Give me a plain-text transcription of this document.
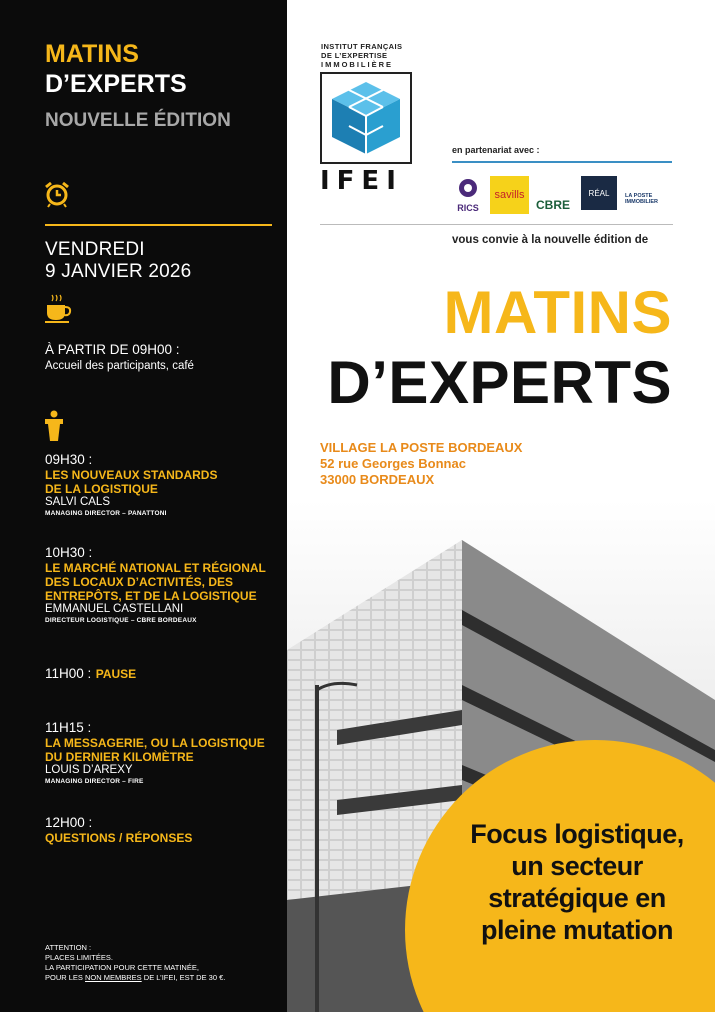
MATINS
D’EXPERTS
NOUVELLE ÉDITION
VENDREDI
9 JANVIER 2026
À PARTIR DE 09H00 :
Accueil des participants, café
09H30 :
LES NOUVEAUX STANDARDS
DE LA LOGISTIQUE
SALVI CALS
MANAGING DIRECTOR – PANATTONI
10H30 :
LE MARCHÉ NATIONAL ET RÉGIONAL
DES LOCAUX D’ACTIVITÉS, DES
ENTREPÔTS, ET DE LA LOGISTIQUE
EMMANUEL CASTELLANI
DIRECTEUR LOGISTIQUE – CBRE BORDEAUX
11H00 : PAUSE
11H15 :
LA MESSAGERIE, OU LA LOGISTIQUE
DU DERNIER KILOMÈTRE
LOUIS D’AREXY
MANAGING DIRECTOR – FIRE
12H00 :
QUESTIONS / RÉPONSES
ATTENTION :
PLACES LIMITÉES.
LA PARTICIPATION POUR CETTE MATINÉE,
POUR LES NON MEMBRES DE L’IFEI, EST DE 30 €.
Focus logistique,
un secteur
stratégique en
pleine mutation
INSTITUT FRANÇAIS
DE L’EXPERTISE
IMMOBILIÈRE
IFEI
en partenariat avec :
RICS
savills
CBRE
RÉAL	LA POSTE
IMMOBILIER
vous convie à la nouvelle édition de
MATINS
D’EXPERTS
VILLAGE LA POSTE BORDEAUX
52 rue Georges Bonnac
33000 BORDEAUX
